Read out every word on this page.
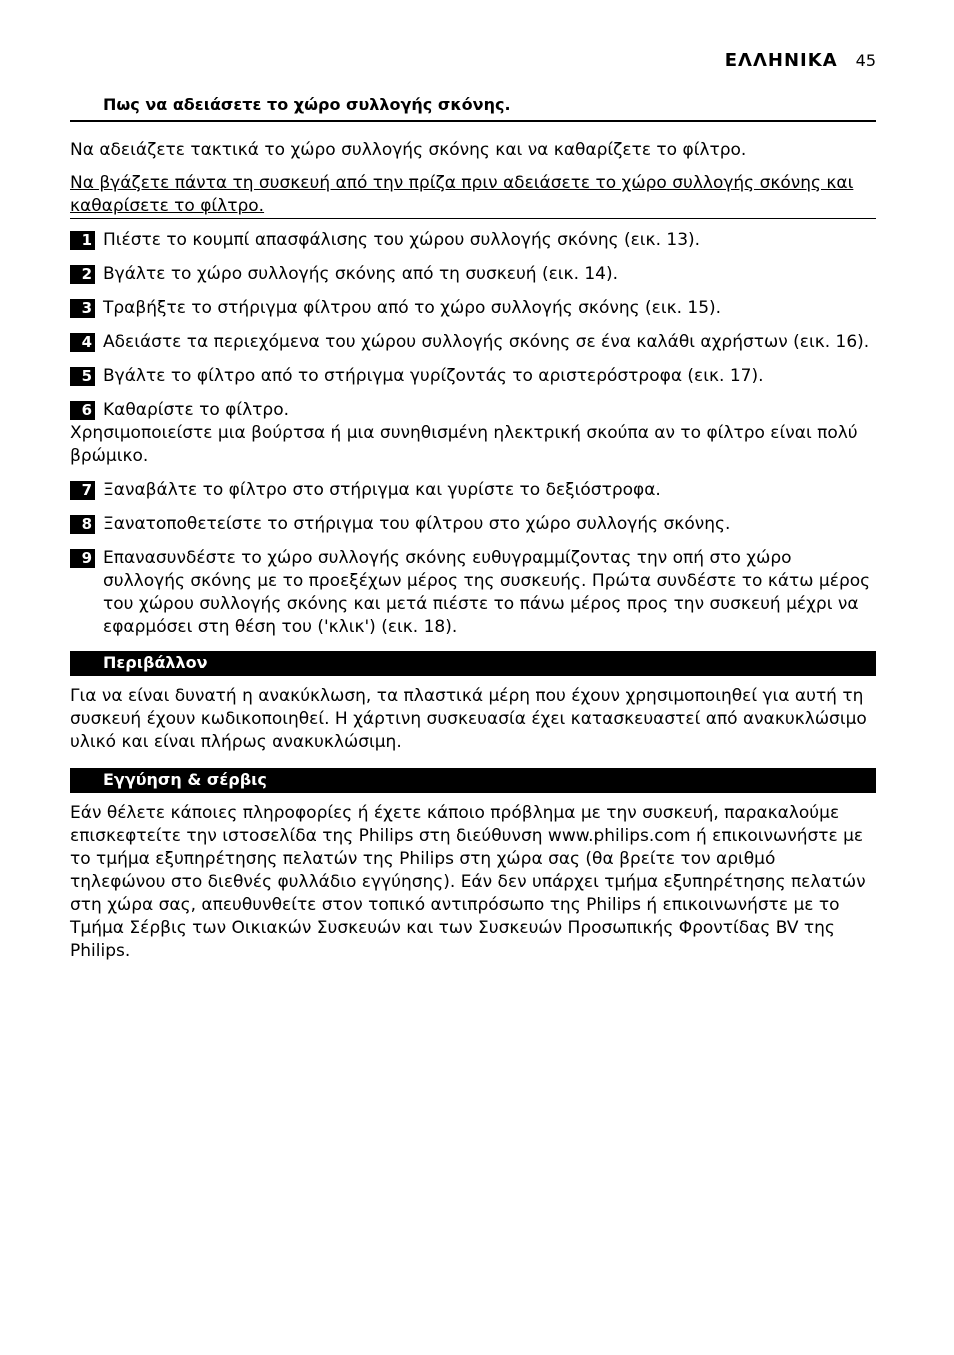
ΕΛΛΗΝΙΚΑ 45
Πως να αδειάσετε το χώρο συλλογής σκόνης.

Να αδειάζετε τακτικά το χώρο συλλογής σκόνης και να καθαρίζετε το φίλτρο.

Να βγάζετε πάντα τη συσκευή από την πρίζα πριν αδειάσετε το χώρο συλλογής σκόνης και καθαρίσετε το φίλτρο.

1 Πιέστε το κουμπί απασφάλισης του χώρου συλλογής σκόνης (εικ. 13).
2 Βγάλτε το χώρο συλλογής σκόνης από τη συσκευή (εικ. 14).
3 Τραβήξτε το στήριγμα φίλτρου από το χώρο συλλογής σκόνης (εικ. 15).
4 Αδειάστε τα περιεχόμενα του χώρου συλλογής σκόνης σε ένα καλάθι αχρήστων (εικ. 16).
5 Βγάλτε το φίλτρο από το στήριγμα γυρίζοντάς το αριστερόστροφα (εικ. 17).
6 Καθαρίστε το φίλτρο.
Χρησιμοποιείστε μια βούρτσα ή μια συνηθισμένη ηλεκτρική σκούπα αν το φίλτρο είναι πολύ βρώμικο.
7 Ξαναβάλτε το φίλτρο στο στήριγμα και γυρίστε το δεξιόστροφα.
8 Ξανατοποθετείστε το στήριγμα του φίλτρου στο χώρο συλλογής σκόνης.
9 Επανασυνδέστε το χώρο συλλογής σκόνης ευθυγραμμίζοντας την οπή στο χώρο συλλογής σκόνης με το προεξέχων μέρος της συσκευής. Πρώτα συνδέστε το κάτω μέρος του χώρου συλλογής σκόνης και μετά πιέστε το πάνω μέρος προς την συσκευή μέχρι να εφαρμόσει στη θέση του ('κλικ') (εικ. 18).
Περιβάλλον

Για να είναι δυνατή η ανακύκλωση, τα πλαστικά μέρη που έχουν χρησιμοποιηθεί για αυτή τη συσκευή έχουν κωδικοποιηθεί. Η χάρτινη συσκευασία έχει κατασκευαστεί από ανακυκλώσιμο υλικό και είναι πλήρως ανακυκλώσιμη.

Εγγύηση & σέρβις

Εάν θέλετε κάποιες πληροφορίες ή έχετε κάποιο πρόβλημα με την συσκευή, παρακαλούμε επισκεφτείτε την ιστοσελίδα της Philips στη διεύθυνση www.philips.com ή επικοινωνήστε με το τμήμα εξυπηρέτησης πελατών της Philips στη χώρα σας (θα βρείτε τον αριθμό τηλεφώνου στο διεθνές φυλλάδιο εγγύησης). Εάν δεν υπάρχει τμήμα εξυπηρέτησης πελατών στη χώρα σας, απευθυνθείτε στον τοπικό αντιπρόσωπο της Philips ή επικοινωνήστε με το Τμήμα Σέρβις των Οικιακών Συσκευών και των Συσκευών Προσωπικής Φροντίδας BV της Philips.
